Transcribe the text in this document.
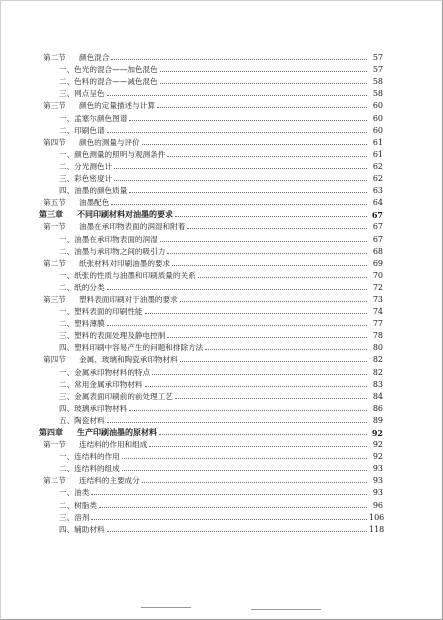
第二节	颜色混合	57
一、色光的混合——加色混色	57
二、色料的混合——减色混色	58
三、网点呈色	58
第三节	颜色的定量描述与计算	60
一、孟塞尔颜色图谱	60
二、印刷色谱	60
第四节	颜色的测量与评价	61
一、颜色测量的照明与观测条件	61
二、分光测色计	62
三、彩色密度计	62
四、油墨的颜色质量	63
第五节	油墨配色	64
第三章	不同印刷材料对油墨的要求	67
第一节	油墨在承印物表面的润湿和附着	67
一、油墨在承印物表面的润湿	67
二、油墨与承印物之间的吸引力	68
第二节	纸张材料对印刷油墨的要求	69
一、纸张的性质与油墨和印刷质量的关系	70
二、纸的分类	72
第三节	塑料表面印刷对于油墨的要求	73
一、塑料表面的印刷性能	74
二、塑料薄膜	77
三、塑料的表面处理及静电控制	78
四、塑料印刷中容易产生的问题和排除方法	80
第四节	金属、玻璃和陶瓷承印物材料	82
一、金属承印物材料的特点	82
二、常用金属承印物材料	83
三、金属表面印刷前的前处理工艺	84
四、玻璃承印物材料	86
五、陶瓷材料	89
第四章	生产印刷油墨的原材料	92
第一节	连结料的作用和组成	92
一、连结料的作用	92
二、连结料的组成	93
第二节	连结料的主要成分	93
一、油类	93
二、树脂类	96
三、溶剂	106
四、辅助材料	118
